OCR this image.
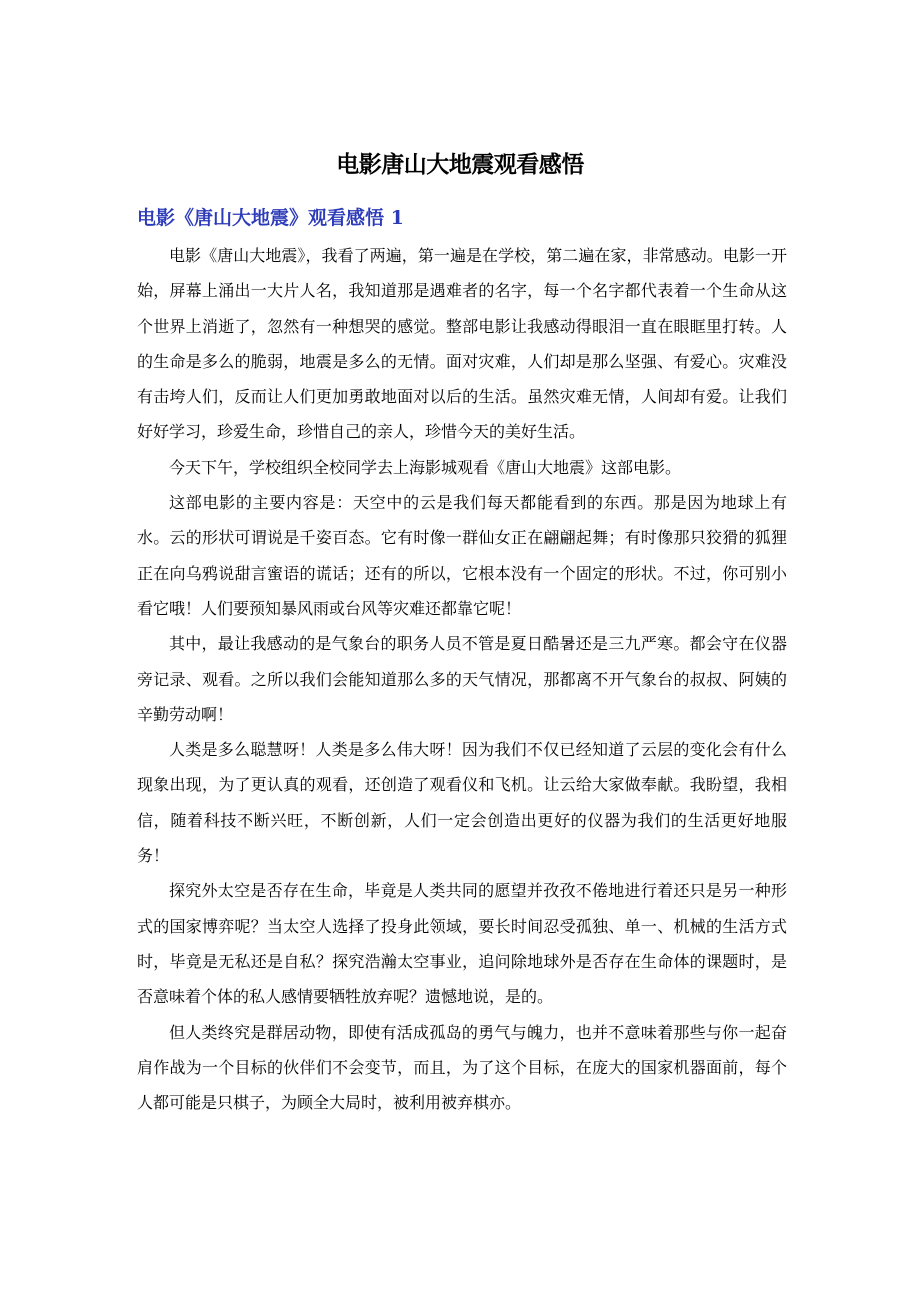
电影唐山大地震观看感悟
电影《唐山大地震》观看感悟 1

电影《唐山大地震》，我看了两遍，第一遍是在学校，第二遍在家，非常感动。电影一开始，屏幕上涌出一大片人名，我知道那是遇难者的名字，每一个名字都代表着一个生命从这个世界上消逝了，忽然有一种想哭的感觉。整部电影让我感动得眼泪一直在眼眶里打转。人的生命是多么的脆弱，地震是多么的无情。面对灾难，人们却是那么坚强、有爱心。灾难没有击垮人们，反而让人们更加勇敢地面对以后的生活。虽然灾难无情，人间却有爱。让我们好好学习，珍爱生命，珍惜自己的亲人，珍惜今天的美好生活。

今天下午，学校组织全校同学去上海影城观看《唐山大地震》这部电影。

这部电影的主要内容是：天空中的云是我们每天都能看到的东西。那是因为地球上有水。云的形状可谓说是千姿百态。它有时像一群仙女正在翩翩起舞；有时像那只狡猾的狐狸正在向乌鸦说甜言蜜语的谎话；还有的所以，它根本没有一个固定的形状。不过，你可别小看它哦！人们要预知暴风雨或台风等灾难还都靠它呢！

其中，最让我感动的是气象台的职务人员不管是夏日酷暑还是三九严寒。都会守在仪器旁记录、观看。之所以我们会能知道那么多的天气情况，那都离不开气象台的叔叔、阿姨的辛勤劳动啊！

人类是多么聪慧呀！人类是多么伟大呀！因为我们不仅已经知道了云层的变化会有什么现象出现，为了更认真的观看，还创造了观看仪和飞机。让云给大家做奉献。我盼望，我相信，随着科技不断兴旺，不断创新，人们一定会创造出更好的仪器为我们的生活更好地服务！

探究外太空是否存在生命，毕竟是人类共同的愿望并孜孜不倦地进行着还只是另一种形式的国家博弈呢？当太空人选择了投身此领域，要长时间忍受孤独、单一、机械的生活方式时，毕竟是无私还是自私？探究浩瀚太空事业，追问除地球外是否存在生命体的课题时，是否意味着个体的私人感情要牺牲放弃呢？遗憾地说，是的。

但人类终究是群居动物，即使有活成孤岛的勇气与魄力，也并不意味着那些与你一起奋肩作战为一个目标的伙伴们不会变节，而且，为了这个目标，在庞大的国家机器面前，每个人都可能是只棋子，为顾全大局时，被利用被弃棋亦。
